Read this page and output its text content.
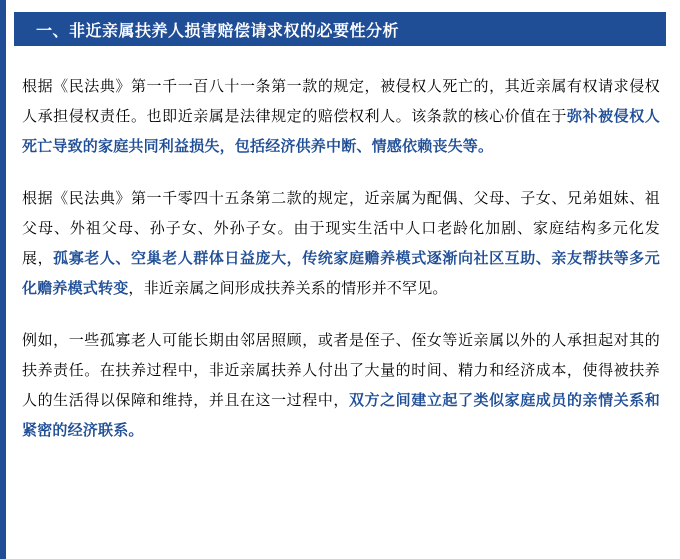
一、非近亲属扶养人损害赔偿请求权的必要性分析

根据《民法典》第一千一百八十一条第一款的规定，被侵权人死亡的，其近亲属有权请求侵权人承担侵权责任。也即近亲属是法律规定的赔偿权利人。该条款的核心价值在于弥补被侵权人死亡导致的家庭共同利益损失，包括经济供养中断、情感依赖丧失等。

根据《民法典》第一千零四十五条第二款的规定，近亲属为配偶、父母、子女、兄弟姐妹、祖父母、外祖父母、孙子女、外孙子女。由于现实生活中人口老龄化加剧、家庭结构多元化发展，孤寡老人、空巢老人群体日益庞大，传统家庭赡养模式逐渐向社区互助、亲友帮扶等多元化赡养模式转变，非近亲属之间形成扶养关系的情形并不罕见。

例如，一些孤寡老人可能长期由邻居照顾，或者是侄子、侄女等近亲属以外的人承担起对其的扶养责任。在扶养过程中，非近亲属扶养人付出了大量的时间、精力和经济成本，使得被扶养人的生活得以保障和维持，并且在这一过程中，双方之间建立起了类似家庭成员的亲情关系和紧密的经济联系。
